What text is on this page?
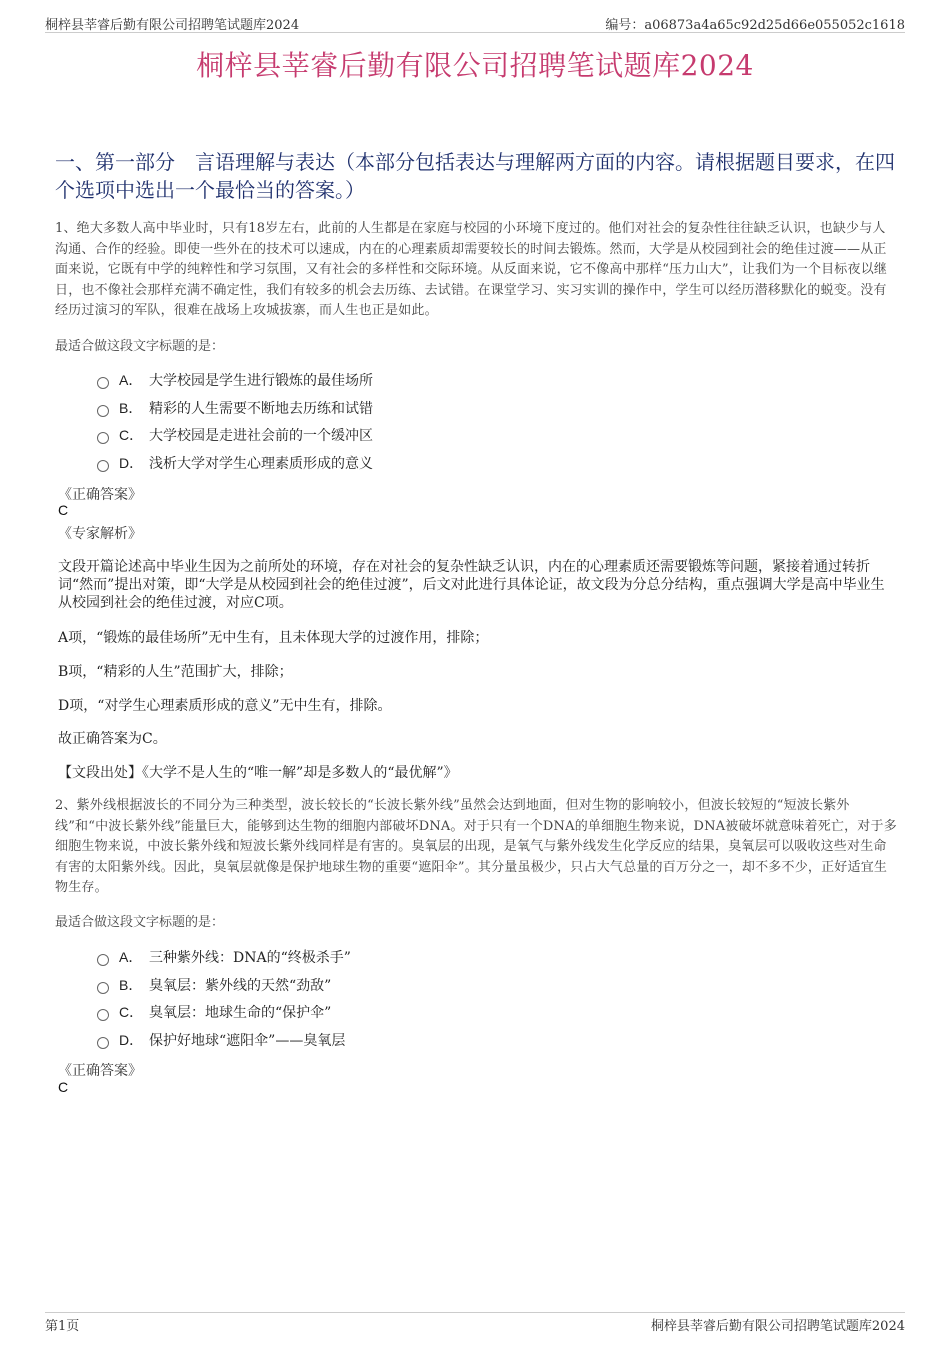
桐梓县莘睿后勤有限公司招聘笔试题库2024	编号：a06873a4a65c92d25d66e055052c1618
桐梓县莘睿后勤有限公司招聘笔试题库2024
一、第一部分　言语理解与表达（本部分包括表达与理解两方面的内容。请根据题目要求，在四个选项中选出一个最恰当的答案。）
1、绝大多数人高中毕业时，只有18岁左右，此前的人生都是在家庭与校园的小环境下度过的。他们对社会的复杂性往往缺乏认识，也缺少与人沟通、合作的经验。即使一些外在的技术可以速成，内在的心理素质却需要较长的时间去锻炼。然而，大学是从校园到社会的绝佳过渡——从正面来说，它既有中学的纯粹性和学习氛围，又有社会的多样性和交际环境。从反面来说，它不像高中那样“压力山大”，让我们为一个目标夜以继日，也不像社会那样充满不确定性，我们有较多的机会去历练、去试错。在课堂学习、实习实训的操作中，学生可以经历潜移默化的蜕变。没有经历过演习的军队，很难在战场上攻城拔寨，而人生也正是如此。
最适合做这段文字标题的是：
A． 大学校园是学生进行锻炼的最佳场所
B． 精彩的人生需要不断地去历练和试错
C． 大学校园是走进社会前的一个缓冲区
D． 浅析大学对学生心理素质形成的意义
《正确答案》
C
《专家解析》
文段开篇论述高中毕业生因为之前所处的环境，存在对社会的复杂性缺乏认识，内在的心理素质还需要锻炼等问题，紧接着通过转折词“然而”提出对策，即“大学是从校园到社会的绝佳过渡”，后文对此进行具体论证，故文段为分总分结构，重点强调大学是高中毕业生从校园到社会的绝佳过渡，对应C项。
A项，“锻炼的最佳场所”无中生有，且未体现大学的过渡作用，排除；
B项，“精彩的人生”范围扩大，排除；
D项，“对学生心理素质形成的意义”无中生有，排除。
故正确答案为C。
【文段出处】《大学不是人生的“唯一解”却是多数人的“最优解”》
2、紫外线根据波长的不同分为三种类型，波长较长的“长波长紫外线”虽然会达到地面，但对生物的影响较小，但波长较短的“短波长紫外线”和“中波长紫外线”能量巨大，能够到达生物的细胞内部破坏DNA。对于只有一个DNA的单细胞生物来说，DNA被破坏就意味着死亡，对于多细胞生物来说，中波长紫外线和短波长紫外线同样是有害的。臭氧层的出现，是氧气与紫外线发生化学反应的结果，臭氧层可以吸收这些对生命有害的太阳紫外线。因此，臭氧层就像是保护地球生物的重要“遮阳伞”。其分量虽极少，只占大气总量的百万分之一，却不多不少，正好适宜生物生存。
最适合做这段文字标题的是：
A． 三种紫外线：DNA的“终极杀手”
B． 臭氧层：紫外线的天然“劲敌”
C． 臭氧层：地球生命的“保护伞”
D． 保护好地球“遮阳伞”——臭氧层
《正确答案》
C
第1页	桐梓县莘睿后勤有限公司招聘笔试题库2024
